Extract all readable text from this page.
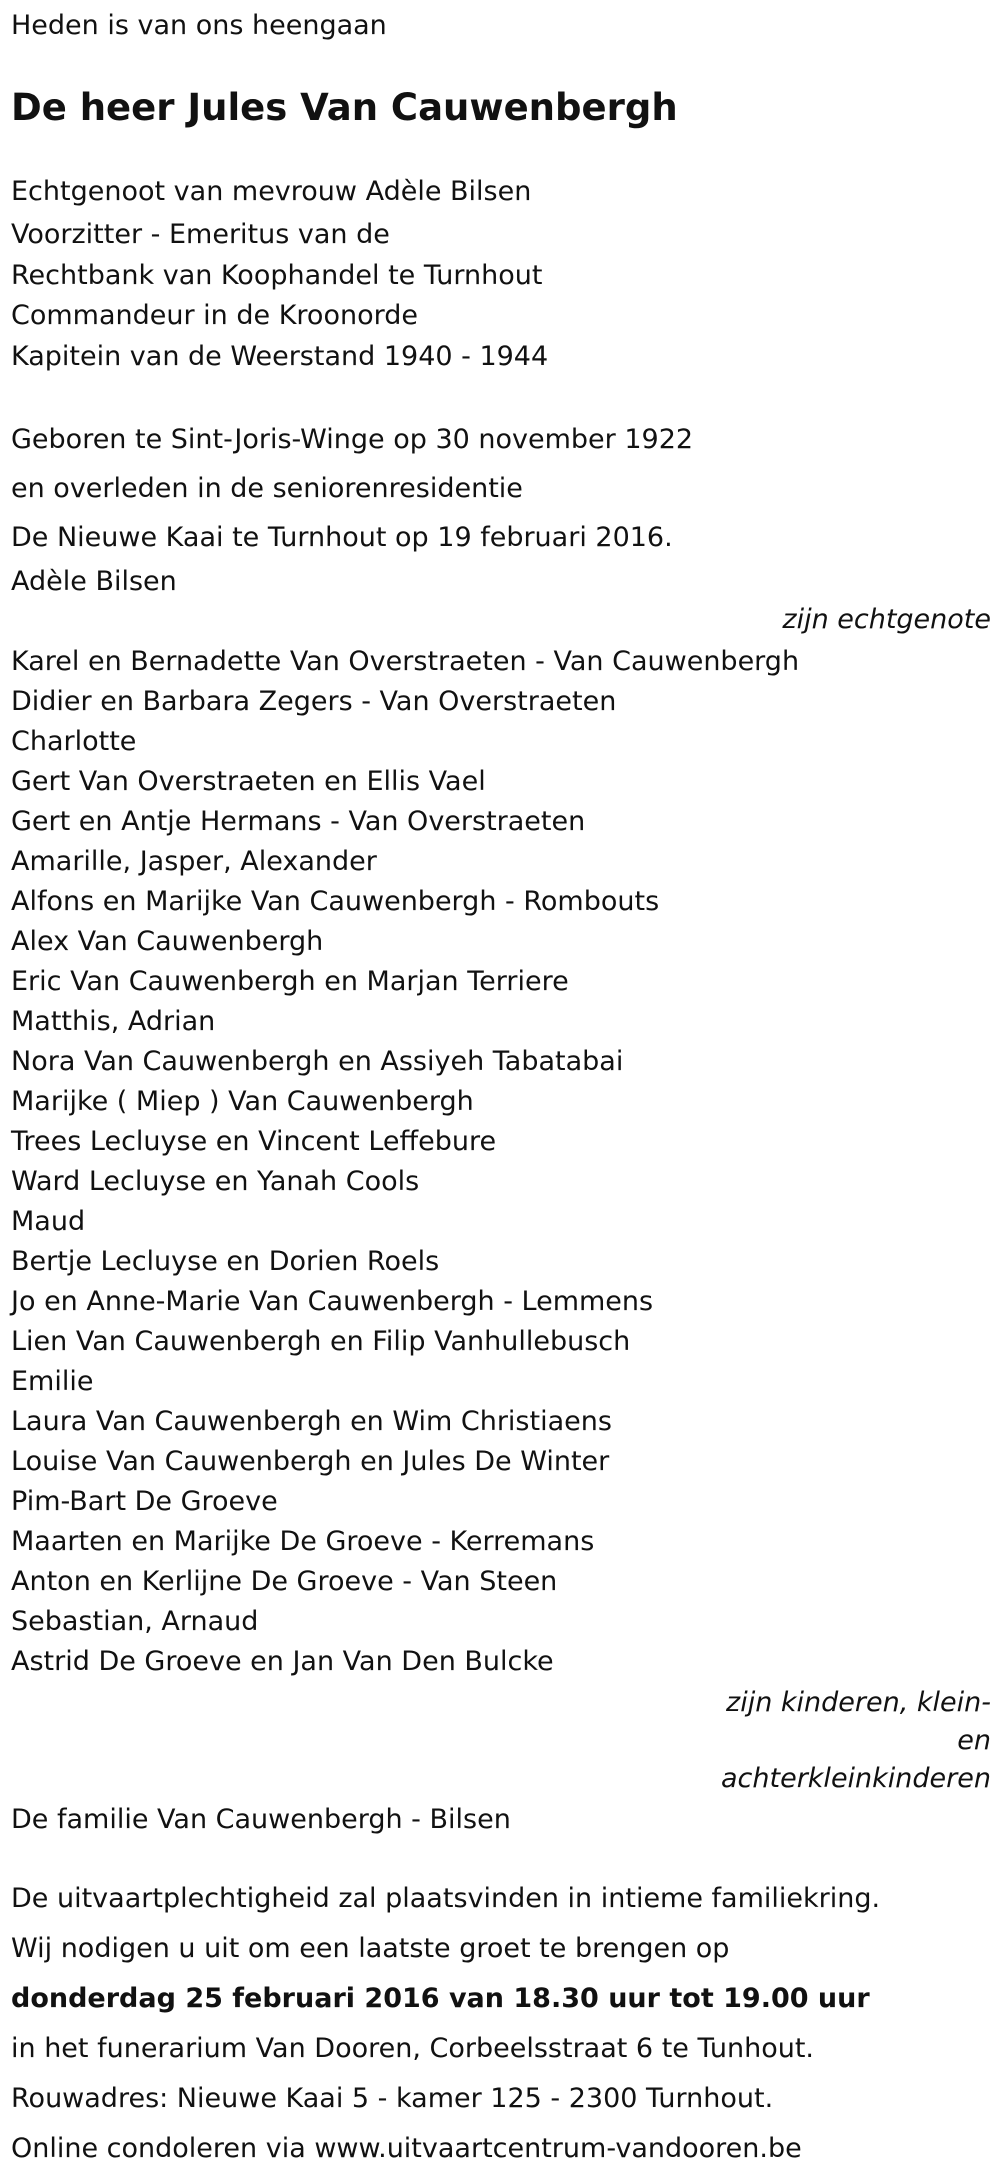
Heden is van ons heengaan
De heer Jules Van Cauwenbergh
Echtgenoot van mevrouw Adèle Bilsen
Voorzitter - Emeritus van de
Rechtbank van Koophandel te Turnhout
Commandeur in de Kroonorde
Kapitein van de Weerstand 1940 - 1944
Geboren te Sint-Joris-Winge op 30 november 1922
en overleden in de seniorenresidentie
De Nieuwe Kaai te Turnhout op 19 februari 2016.
Adèle Bilsen
zijn echtgenote
Karel en Bernadette Van Overstraeten - Van Cauwenbergh
Didier en Barbara Zegers - Van Overstraeten
Charlotte
Gert Van Overstraeten en Ellis Vael
Gert en Antje Hermans - Van Overstraeten
Amarille, Jasper, Alexander
Alfons en Marijke Van Cauwenbergh - Rombouts
Alex Van Cauwenbergh
Eric Van Cauwenbergh en Marjan Terriere
Matthis, Adrian
Nora Van Cauwenbergh en Assiyeh Tabatabai
Marijke ( Miep ) Van Cauwenbergh
Trees Lecluyse en Vincent Leffebure
Ward Lecluyse en Yanah Cools
Maud
Bertje Lecluyse en Dorien Roels
Jo en Anne-Marie Van Cauwenbergh - Lemmens
Lien Van Cauwenbergh en Filip Vanhullebusch
Emilie
Laura Van Cauwenbergh en Wim Christiaens
Louise Van Cauwenbergh en Jules De Winter
Pim-Bart De Groeve
Maarten en Marijke De Groeve - Kerremans
Anton en Kerlijne De Groeve - Van Steen
Sebastian, Arnaud
Astrid De Groeve en Jan Van Den Bulcke
zijn kinderen, klein-
en
achterkleinkinderen
De familie Van Cauwenbergh - Bilsen
De uitvaartplechtigheid zal plaatsvinden in intieme familiekring.
Wij nodigen u uit om een laatste groet te brengen op
donderdag 25 februari 2016 van 18.30 uur tot 19.00 uur
in het funerarium Van Dooren, Corbeelsstraat 6 te Tunhout.
Rouwadres: Nieuwe Kaai 5 - kamer 125 - 2300 Turnhout.
Online condoleren via www.uitvaartcentrum-vandooren.be
